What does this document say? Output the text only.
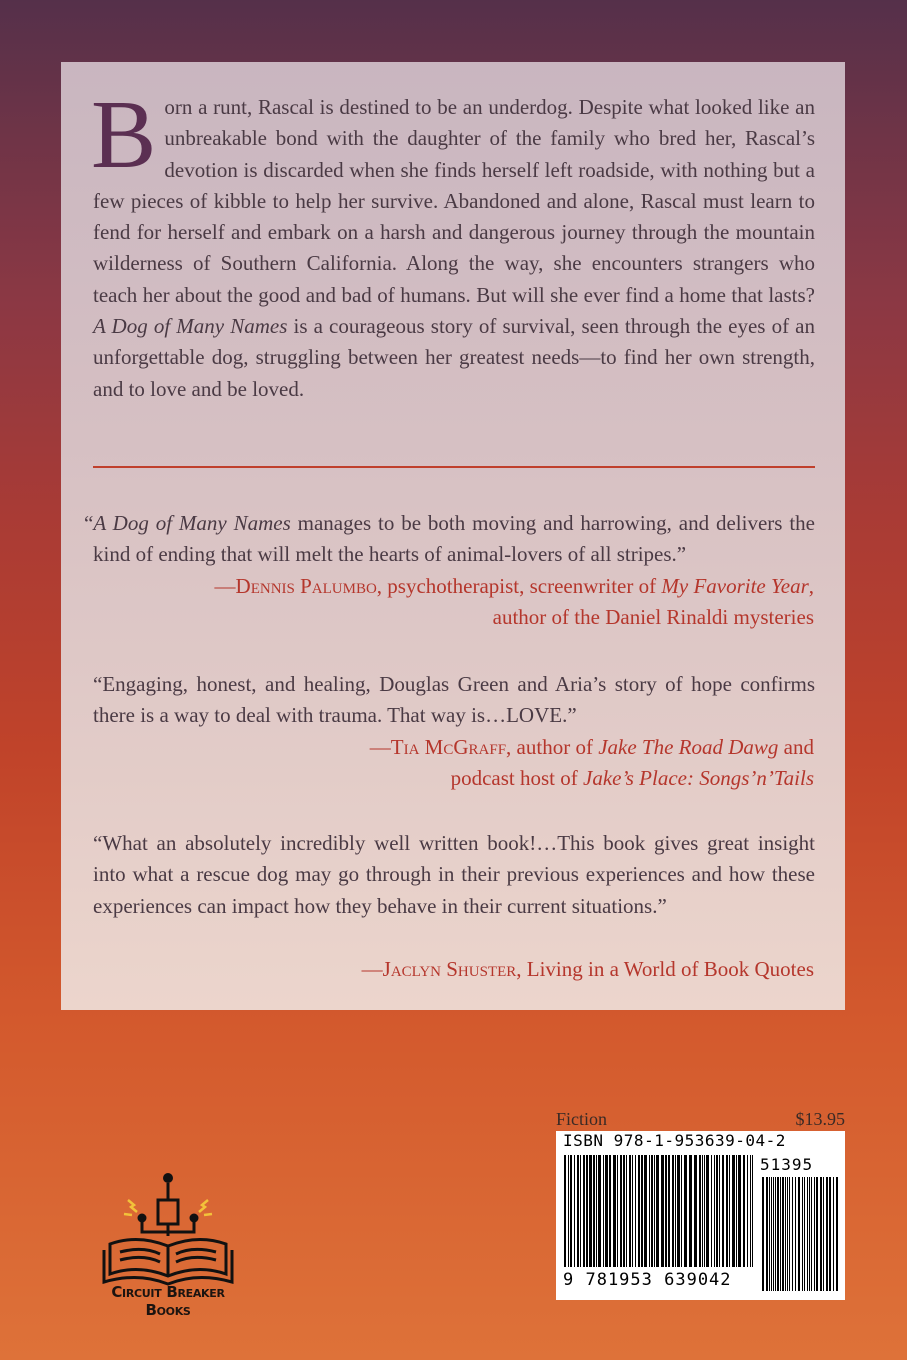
Born a runt, Rascal is destined to be an underdog. Despite what looked like an unbreakable bond with the daughter of the family who bred her, Rascal’s devotion is discarded when she finds herself left roadside, with nothing but a few pieces of kibble to help her survive. Abandoned and alone, Rascal must learn to fend for herself and embark on a harsh and dangerous journey through the mountain wilderness of Southern California. Along the way, she encounters strangers who teach her about the good and bad of humans. But will she ever find a home that lasts? A Dog of Many Names is a courageous story of survival, seen through the eyes of an unforgettable dog, struggling between her greatest needs—to find her own strength, and to love and be loved.

“A Dog of Many Names manages to be both moving and harrowing, and delivers the kind of ending that will melt the hearts of animal-lovers of all stripes.”

—Dennis Palumbo, psychotherapist, screenwriter of My Favorite Year,
author of the Daniel Rinaldi mysteries

“Engaging, honest, and healing, Douglas Green and Aria’s story of hope confirms there is a way to deal with trauma. That way is…LOVE.”

—Tia McGraff, author of Jake The Road Dawg and
podcast host of Jake’s Place: Songs’n’Tails

“What an absolutely incredibly well written book!…This book gives great insight into what a rescue dog may go through in their previous experiences and how these experiences can impact how they behave in their current situations.”

—Jaclyn Shuster, Living in a World of Book Quotes

Circuit Breaker Books
Fiction	$13.95
ISBN 978-1-953639-04-2
51395
9 781953 639042
